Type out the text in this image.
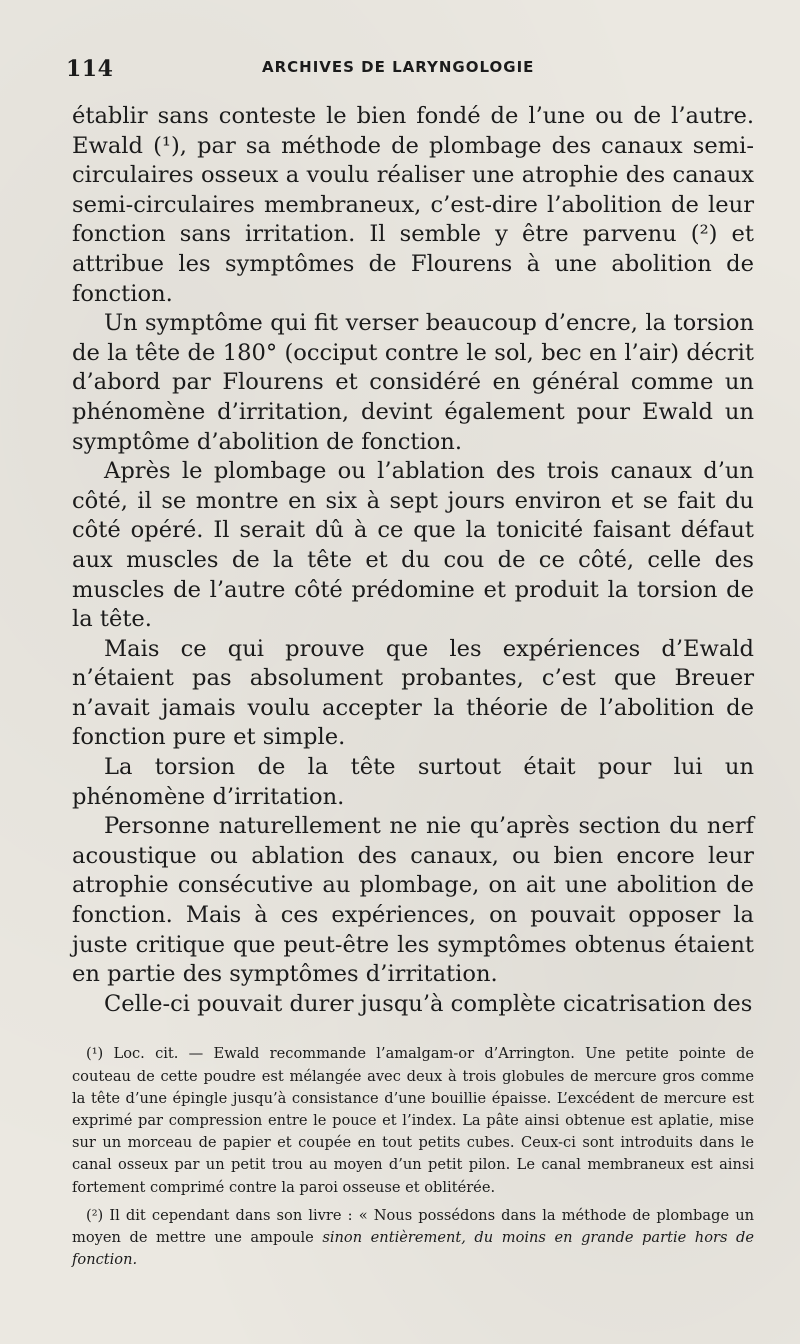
114	ARCHIVES DE LARYNGOLOGIE

établir sans conteste le bien fondé de l’une ou de l’autre. Ewald (¹), par sa méthode de plombage des canaux semi-circulaires osseux a voulu réaliser une atrophie des canaux semi-circulaires membraneux, c’est-dire l’abolition de leur fonction sans irritation. Il semble y être parvenu (²) et attribue les symptômes de Flourens à une abolition de fonction.

Un symptôme qui fit verser beaucoup d’encre, la torsion de la tête de 180° (occiput contre le sol, bec en l’air) décrit d’abord par Flourens et considéré en général comme un phénomène d’irritation, devint également pour Ewald un symptôme d’abolition de fonction.

Après le plombage ou l’ablation des trois canaux d’un côté, il se montre en six à sept jours environ et se fait du côté opéré. Il serait dû à ce que la tonicité faisant défaut aux muscles de la tête et du cou de ce côté, celle des muscles de l’autre côté prédomine et produit la torsion de la tête.

Mais ce qui prouve que les expériences d’Ewald n’étaient pas absolument probantes, c’est que Breuer n’avait jamais voulu accepter la théorie de l’abolition de fonction pure et simple.

La torsion de la tête surtout était pour lui un phénomène d’irritation.

Personne naturellement ne nie qu’après section du nerf acoustique ou ablation des canaux, ou bien encore leur atrophie consécutive au plombage, on ait une abolition de fonction. Mais à ces expériences, on pouvait opposer la juste critique que peut-être les symptômes obtenus étaient en partie des symptômes d’irritation.

Celle-ci pouvait durer jusqu’à complète cicatrisation des

(¹) Loc. cit. — Ewald recommande l’amalgam-or d’Arrington. Une petite pointe de couteau de cette poudre est mélangée avec deux à trois globules de mercure gros comme la tête d’une épingle jusqu’à consistance d’une bouillie épaisse. L’excédent de mercure est exprimé par compression entre le pouce et l’index. La pâte ainsi obtenue est aplatie, mise sur un morceau de papier et coupée en tout petits cubes. Ceux-ci sont introduits dans le canal osseux par un petit trou au moyen d’un petit pilon. Le canal membraneux est ainsi fortement comprimé contre la paroi osseuse et oblitérée.

(²) Il dit cependant dans son livre : « Nous possédons dans la méthode de plombage un moyen de mettre une ampoule sinon entièrement, du moins en grande partie hors de fonction.
